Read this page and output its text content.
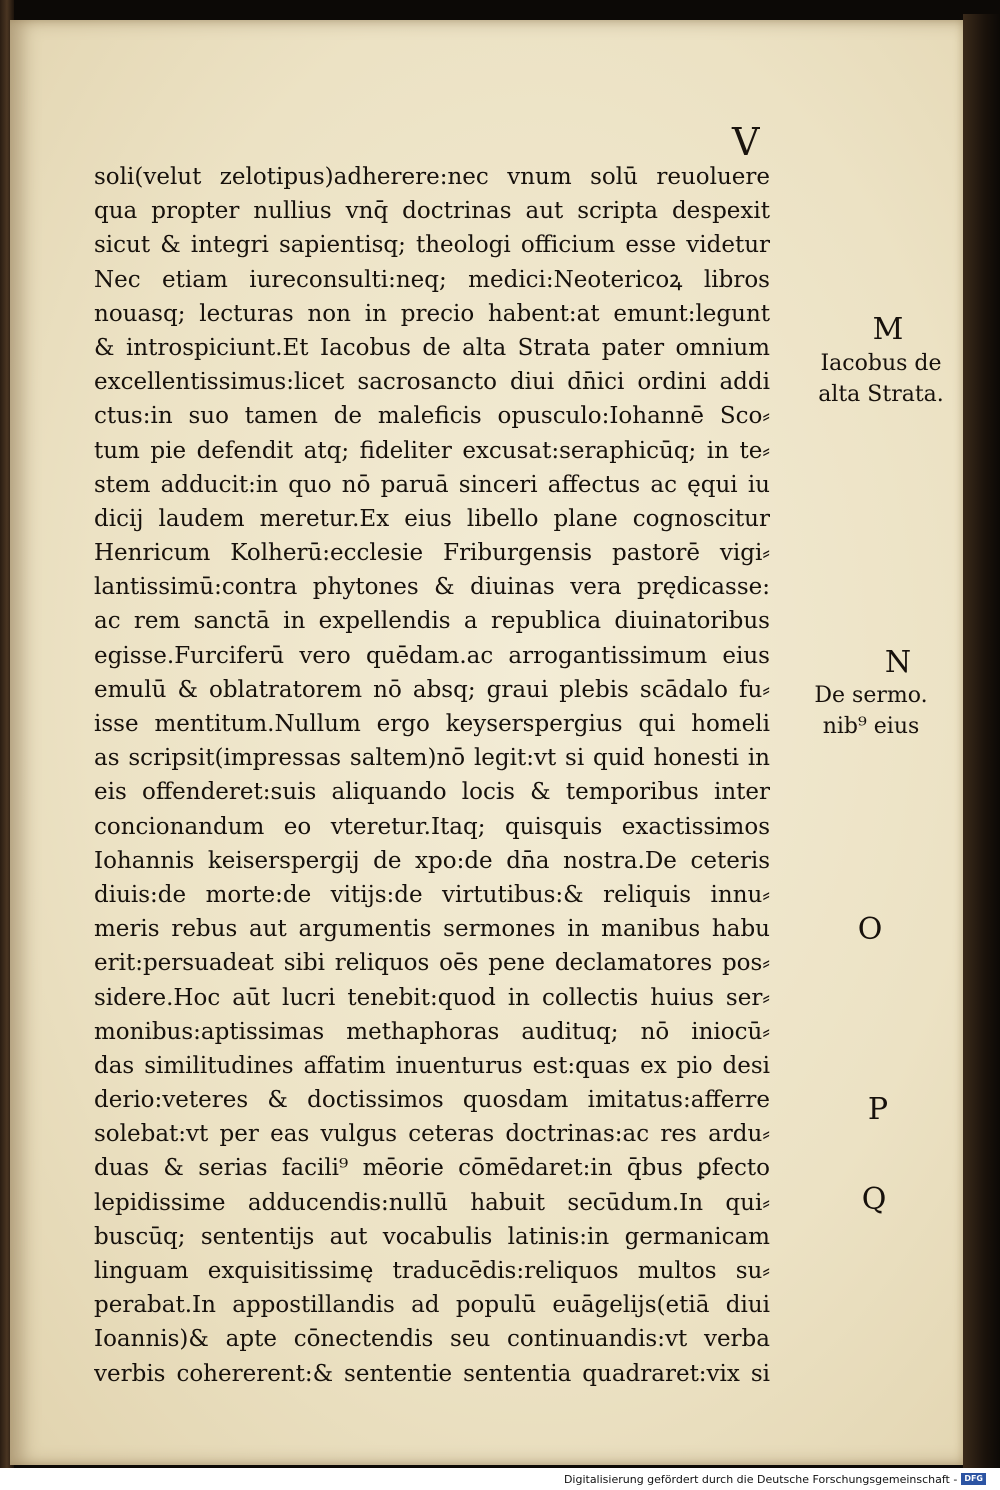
V
soli(velut zelotipus)adherere:nec vnum solū reuoluere
qua propter nullius vnq̄ doctrinas aut scripta despexit
sicut & integri sapientisq; theologi officium esse videtur
Nec etiam iureconsulti:neq; medici:Neotericoꝝ libros
nouasq; lecturas non in precio habent:at emunt:legunt
& introspiciunt.Et Iacobus de alta Strata pater omnium
excellentissimus:licet sacrosancto diui dn̄ici ordini addi
ctus:in suo tamen de maleficis opusculo:Iohannē Sco⸗
tum pie defendit atq; fideliter excusat:seraphicūq; in te⸗
stem adducit:in quo nō paruā sinceri affectus ac ęqui iu
dicij laudem meretur.Ex eius libello plane cognoscitur
Henricum Kolherū:ecclesie Friburgensis pastorē vigi⸗
lantissimū:contra phytones & diuinas vera prędicasse:
ac rem sanctā in expellendis a republica diuinatoribus
egisse.Furciferū vero quēdam.ac arrogantissimum eius
emulū & oblatratorem nō absq; graui plebis scādalo fu⸗
isse mentitum.Nullum ergo keyserspergius qui homeli
as scripsit(impressas saltem)nō legit:vt si quid honesti in
eis offenderet:suis aliquando locis & temporibus inter
concionandum eo vteretur.Itaq; quisquis exactissimos
Iohannis keiserspergij de xpo:de dn̄a nostra.De ceteris
diuis:de morte:de vitijs:de virtutibus:& reliquis innu⸗
meris rebus aut argumentis sermones in manibus habu
erit:persuadeat sibi reliquos oēs pene declamatores pos⸗
sidere.Hoc aūt lucri tenebit:quod in collectis huius ser⸗
monibus:aptissimas methaphoras audituq; nō iniocū⸗
das similitudines affatim inuenturus est:quas ex pio desi
derio:veteres & doctissimos quosdam imitatus:afferre
solebat:vt per eas vulgus ceteras doctrinas:ac res ardu⸗
duas & serias facili⁹ mēorie cōmēdaret:in q̄bus ꝑfecto
lepidissime adducendis:nullū habuit secūdum.In qui⸗
buscūq; sententijs aut vocabulis latinis:in germanicam
linguam exquisitissimę traducēdis:reliquos multos su⸗
perabat.In appostillandis ad populū euāgelijs(etiā diui
Ioannis)& apte cōnectendis seu continuandis:vt verba
verbis cohererent:& sententie sententia quadraret:vix si
M
Iacobus de
alta Strata.
N
De sermo.
nib⁹ eius
O
P
Q
Digitalisierung gefördert durch die Deutsche Forschungsgemeinschaft - DFG
